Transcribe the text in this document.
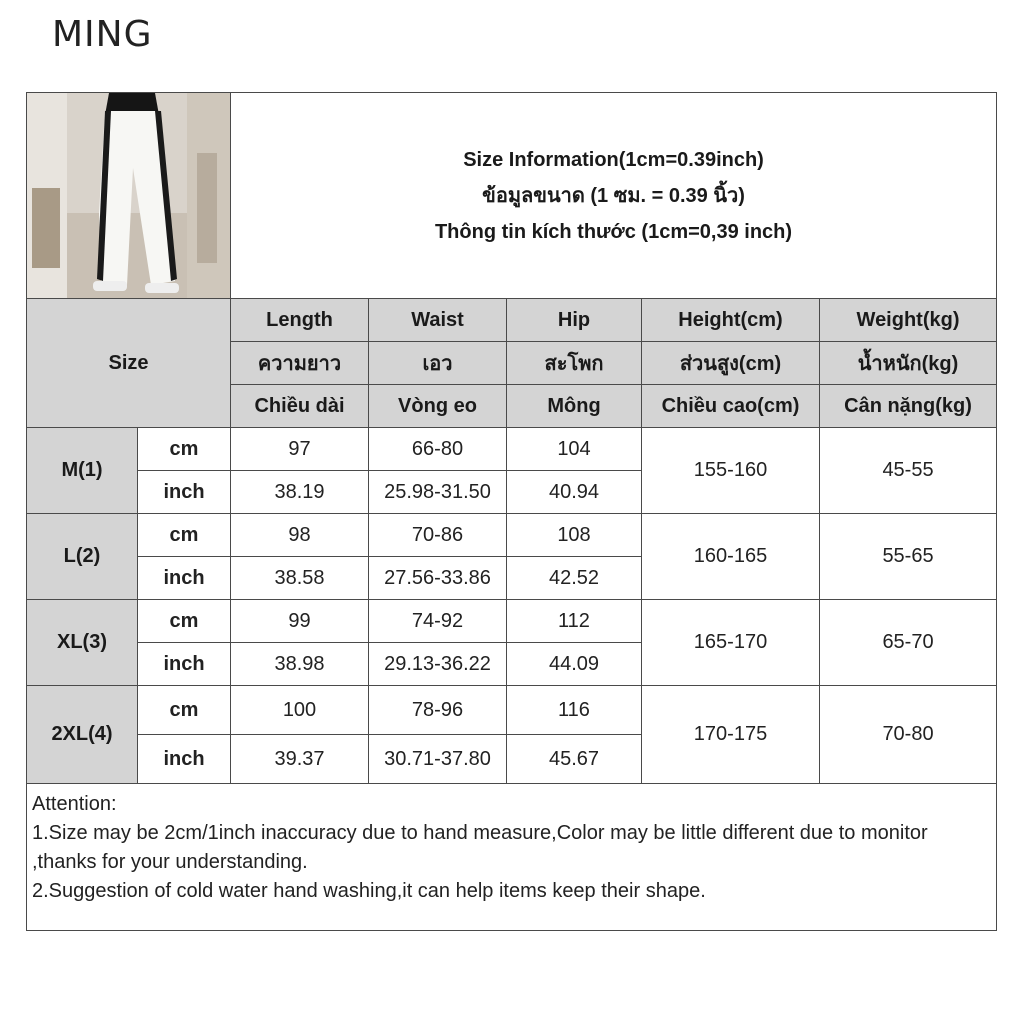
MING

Size Information(1cm=0.39inch)
ข้อมูลขนาด (1 ซม. = 0.39 นิ้ว)
Thông tin kích thước (1cm=0,39 inch)				

Size		Length	Waist	Hip	Height(cm)	Weight(kg)
		ความยาว	เอว	สะโพก	ส่วนสูง(cm)	น้ำหนัก(kg)
		Chiều dài	Vòng eo	Mông	Chiều cao(cm)	Cân nặng(kg)
M(1)	cm	97	66-80	104	155-160	45-55
	inch	38.19	25.98-31.50	40.94		
L(2)	cm	98	70-86	108	160-165	55-65
	inch	38.58	27.56-33.86	42.52		
XL(3)	cm	99	74-92	112	165-170	65-70
	inch	38.98	29.13-36.22	44.09		
2XL(4)	cm	100	78-96	116	170-175	70-80
	inch	39.37	30.71-37.80	45.67		

Attention:
1.Size may be 2cm/1inch inaccuracy due to hand measure,Color may be little different due to monitor ,thanks for your understanding.
2.Suggestion of cold water hand washing,it can help items keep their shape.						
